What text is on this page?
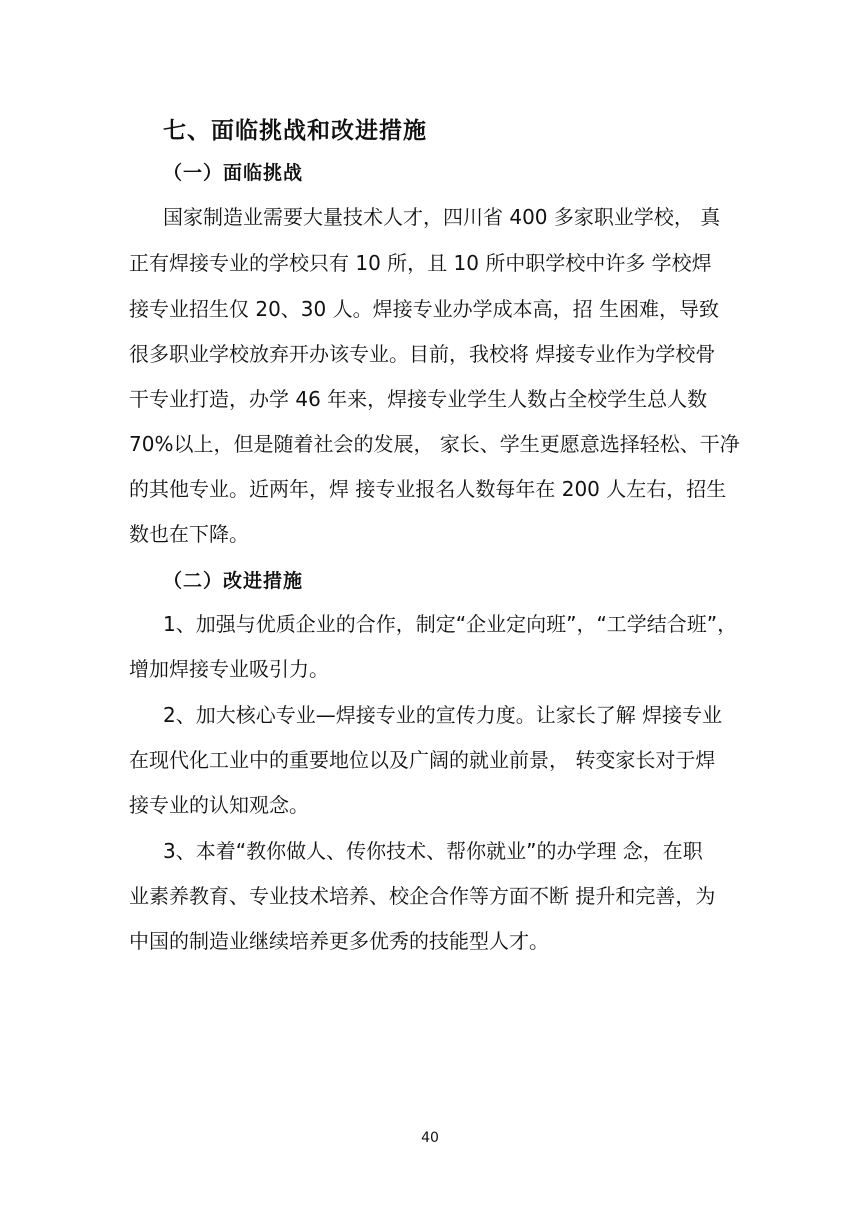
七、面临挑战和改进措施
（一）面临挑战
国家制造业需要大量技术人才，四川省 400 多家职业学校， 真
正有焊接专业的学校只有 10 所，且 10 所中职学校中许多 学校焊
接专业招生仅 20、30 人。焊接专业办学成本高，招 生困难，导致
很多职业学校放弃开办该专业。目前，我校将 焊接专业作为学校骨
干专业打造，办学 46 年来，焊接专业学生人数占全校学生总人数
70%以上，但是随着社会的发展， 家长、学生更愿意选择轻松、干净
的其他专业。近两年，焊 接专业报名人数每年在 200 人左右，招生
数也在下降。
（二）改进措施
1、加强与优质企业的合作，制定“企业定向班”，“工学结合班”，
增加焊接专业吸引力。
2、加大核心专业—焊接专业的宣传力度。让家长了解 焊接专业
在现代化工业中的重要地位以及广阔的就业前景， 转变家长对于焊
接专业的认知观念。
3、本着“教你做人、传你技术、帮你就业”的办学理 念，在职
业素养教育、专业技术培养、校企合作等方面不断 提升和完善，为
中国的制造业继续培养更多优秀的技能型人才。
40
